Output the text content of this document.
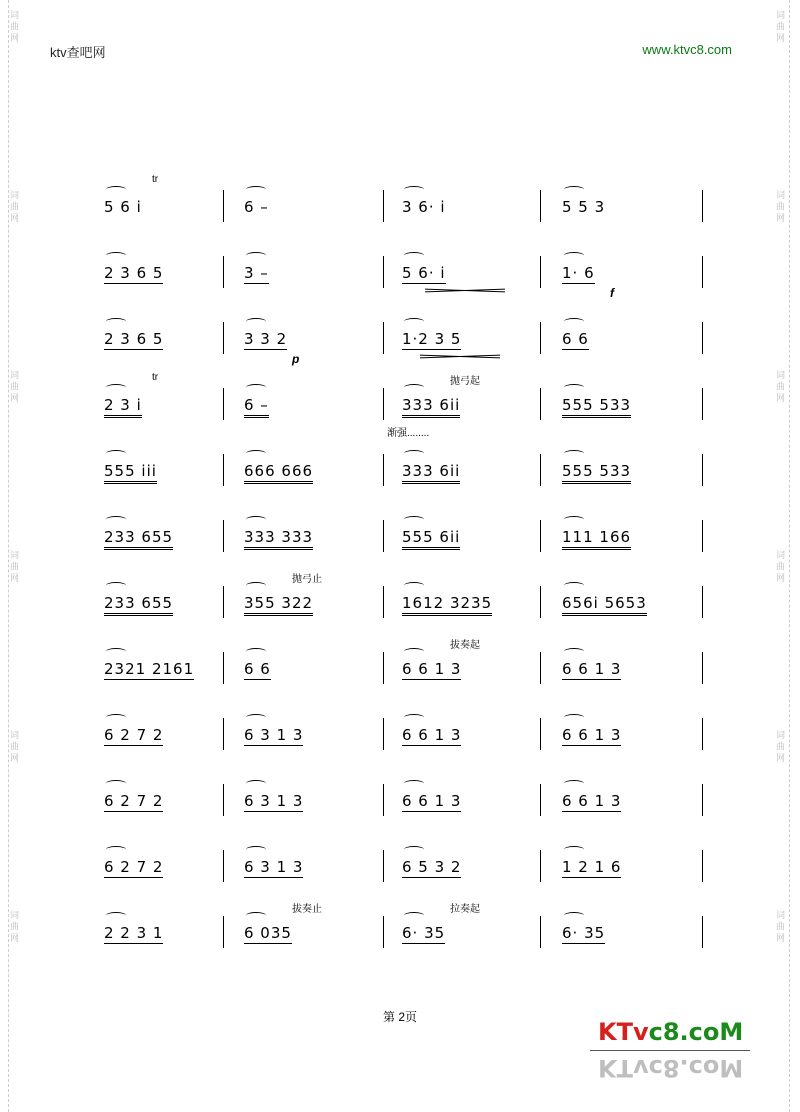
词 曲 网
词 曲 网
词 曲 网
词 曲 网
词 曲 网
词 曲 网
词 曲 网
词 曲 网
词 曲 网
词 曲 网
词 曲 网
词 曲 网
ktv查吧网	www.ktvc8.com
5 6 i	6 –	3 6· i	5 5 3
tr
2 3 6 5	3 –	5 6· i	1· 6
f
2 3 6 5	3 3 2	1·2 3 5	6 6
p
2 3 i	6 –	333 6ii	555 533
tr	抛弓起
555 iii	666 666	333 6ii	555 533
233 655	333 333	555 6ii	111 166
233 655	355 322	1612 3235	656i 5653
抛弓止
2321 2161	6 6	6 6 1 3	6 6 1 3
拔奏起
6 2 7 2	6 3 1 3	6 6 1 3	6 6 1 3
6 2 7 2	6 3 1 3	6 6 1 3	6 6 1 3
6 2 7 2	6 3 1 3	6 5 3 2	1 2 1 6
2 2 3 1	6 035	6· 35	6· 35
拔奏止	拉奏起
渐强........
第 2页
KTvc8.coM
KTvc8.coM
